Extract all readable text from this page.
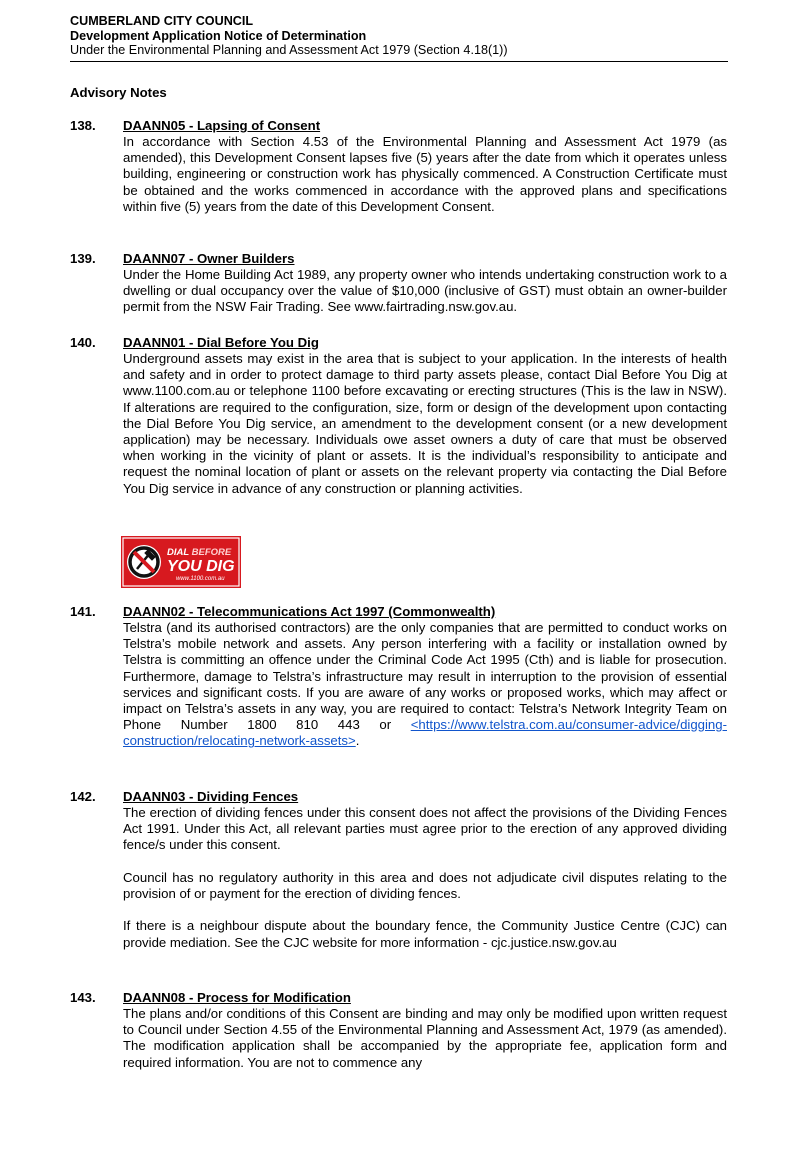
CUMBERLAND CITY COUNCIL
Development Application Notice of Determination
Under the Environmental Planning and Assessment Act 1979 (Section 4.18(1))
Advisory Notes
138. DAANN05 - Lapsing of Consent

In accordance with Section 4.53 of the Environmental Planning and Assessment Act 1979 (as amended), this Development Consent lapses five (5) years after the date from which it operates unless building, engineering or construction work has physically commenced. A Construction Certificate must be obtained and the works commenced in accordance with the approved plans and specifications within five (5) years from the date of this Development Consent.

139. DAANN07 - Owner Builders

Under the Home Building Act 1989, any property owner who intends undertaking construction work to a dwelling or dual occupancy over the value of $10,000 (inclusive of GST) must obtain an owner-builder permit from the NSW Fair Trading. See www.fairtrading.nsw.gov.au.

140. DAANN01 - Dial Before You Dig

Underground assets may exist in the area that is subject to your application. In the interests of health and safety and in order to protect damage to third party assets please, contact Dial Before You Dig at www.1100.com.au or telephone 1100 before excavating or erecting structures (This is the law in NSW). If alterations are required to the configuration, size, form or design of the development upon contacting the Dial Before You Dig service, an amendment to the development consent (or a new development application) may be necessary. Individuals owe asset owners a duty of care that must be observed when working in the vicinity of plant or assets. It is the individual’s responsibility to anticipate and request the nominal location of plant or assets on the relevant property via contacting the Dial Before You Dig service in advance of any construction or planning activities.

DIAL BEFORE
YOU DIG
www.1100.com.au
141. DAANN02 - Telecommunications Act 1997 (Commonwealth)

Telstra (and its authorised contractors) are the only companies that are permitted to conduct works on Telstra’s mobile network and assets. Any person interfering with a facility or installation owned by Telstra is committing an offence under the Criminal Code Act 1995 (Cth) and is liable for prosecution. Furthermore, damage to Telstra’s infrastructure may result in interruption to the provision of essential services and significant costs. If you are aware of any works or proposed works, which may affect or impact on Telstra’s assets in any way, you are required to contact: Telstra’s Network Integrity Team on Phone Number 1800 810 443 or <https://www.telstra.com.au/consumer-advice/digging-construction/relocating-network-assets>.

142. DAANN03 - Dividing Fences

The erection of dividing fences under this consent does not affect the provisions of the Dividing Fences Act 1991. Under this Act, all relevant parties must agree prior to the erection of any approved dividing fence/s under this consent.

Council has no regulatory authority in this area and does not adjudicate civil disputes relating to the provision of or payment for the erection of dividing fences.

If there is a neighbour dispute about the boundary fence, the Community Justice Centre (CJC) can provide mediation. See the CJC website for more information - cjc.justice.nsw.gov.au

143. DAANN08 - Process for Modification

The plans and/or conditions of this Consent are binding and may only be modified upon written request to Council under Section 4.55 of the Environmental Planning and Assessment Act, 1979 (as amended). The modification application shall be accompanied by the appropriate fee, application form and required information. You are not to commence any
